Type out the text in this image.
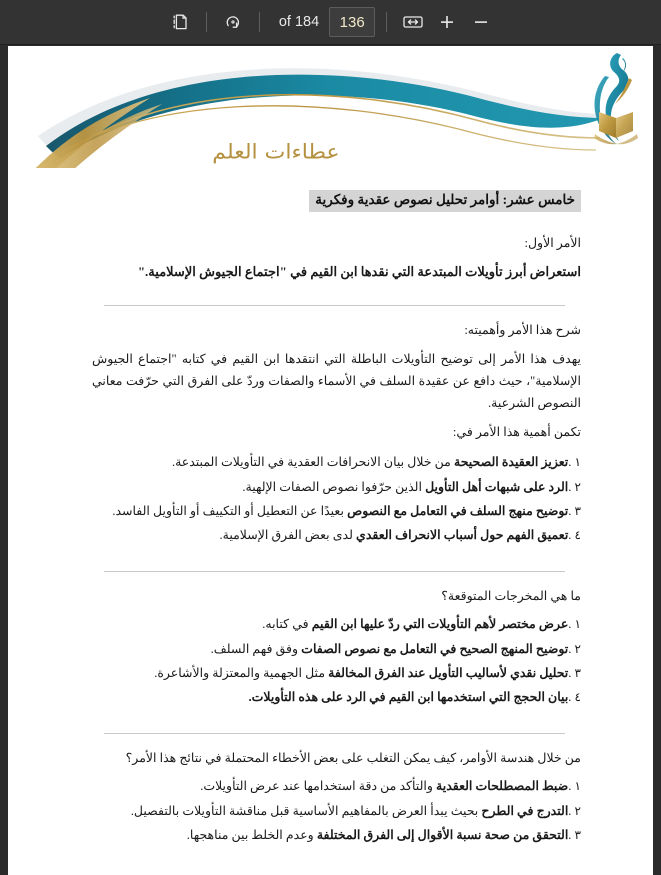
136
of 184
عطاءات العلم
خامس عشر: أوامر تحليل نصوص عقدية وفكرية
الأمر الأول:
استعراض أبرز تأويلات المبتدعة التي نقدها ابن القيم في "اجتماع الجيوش الإسلامية."
شرح هذا الأمر وأهميته:
يهدف هذا الأمر إلى توضيح التأويلات الباطلة التي انتقدها ابن القيم في كتابه "اجتماع الجيوش الإسلامية"، حيث دافع عن عقيدة السلف في الأسماء والصفات وردّ على الفرق التي حرّفت معاني النصوص الشرعية.
تكمن أهمية هذا الأمر في:
١ .تعزيز العقيدة الصحيحة من خلال بيان الانحرافات العقدية في التأويلات المبتدعة.
٢ .الرد على شبهات أهل التأويل الذين حرّفوا نصوص الصفات الإلهية.
٣ .توضيح منهج السلف في التعامل مع النصوص بعيدًا عن التعطيل أو التكييف أو التأويل الفاسد.
٤ .تعميق الفهم حول أسباب الانحراف العقدي لدى بعض الفرق الإسلامية.
ما هي المخرجات المتوقعة؟
١ .عرض مختصر لأهم التأويلات التي ردّ عليها ابن القيم في كتابه.
٢ .توضيح المنهج الصحيح في التعامل مع نصوص الصفات وفق فهم السلف.
٣ .تحليل نقدي لأساليب التأويل عند الفرق المخالفة مثل الجهمية والمعتزلة والأشاعرة.
٤ .بيان الحجج التي استخدمها ابن القيم في الرد على هذه التأويلات.
من خلال هندسة الأوامر، كيف يمكن التغلب على بعض الأخطاء المحتملة في نتائج هذا الأمر؟
١ .ضبط المصطلحات العقدية والتأكد من دقة استخدامها عند عرض التأويلات.
٢ .التدرج في الطرح بحيث يبدأ العرض بالمفاهيم الأساسية قبل مناقشة التأويلات بالتفصيل.
٣ .التحقق من صحة نسبة الأقوال إلى الفرق المختلفة وعدم الخلط بين مناهجها.
